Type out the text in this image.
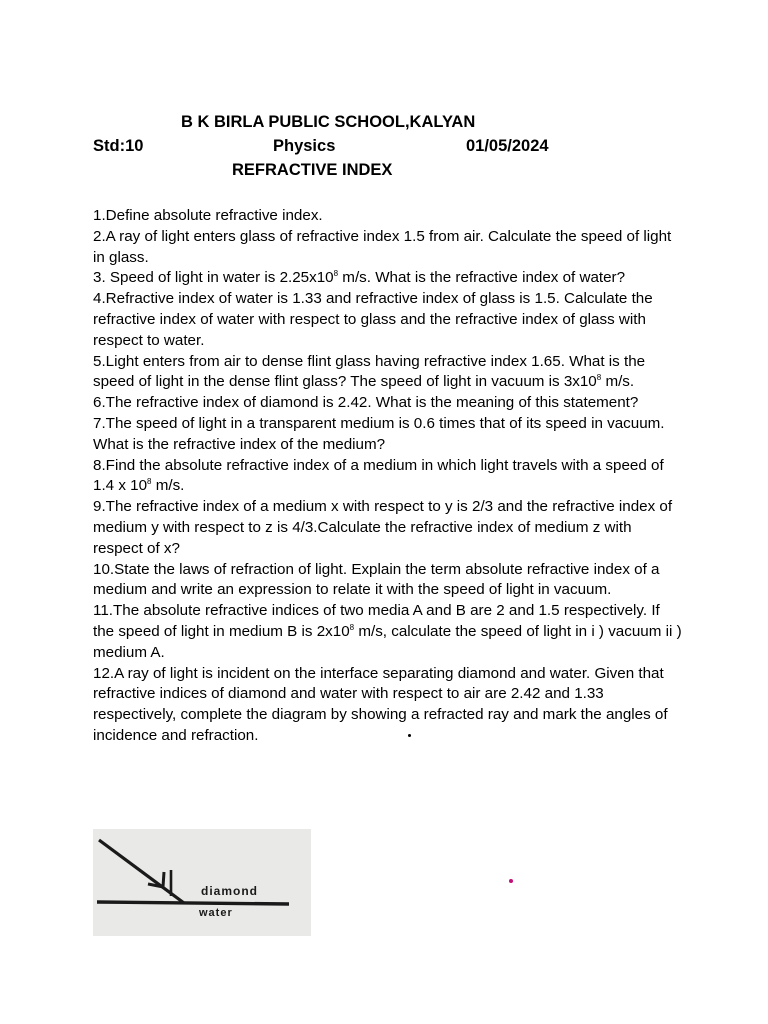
B K BIRLA PUBLIC SCHOOL,KALYAN
Std:10	Physics	01/05/2024
REFRACTIVE INDEX

1.Define absolute refractive index.

2.A ray of light enters glass of refractive index 1.5 from air. Calculate the speed of light in glass.

3. Speed of light in water is $2.25x10^8$ m/s. What is the refractive index of water?

4.Refractive index of water is 1.33 and refractive index of glass is 1.5. Calculate the refractive index of water with respect to glass and the refractive index of glass with respect to water.

5.Light enters from air to dense flint glass having refractive index 1.65. What is the speed of light in the dense flint glass? The speed of light in vacuum is $3x10^8$ m/s.

6.The refractive index of diamond is 2.42. What is the meaning of this statement?

7.The speed of light in a transparent medium is 0.6 times that of its speed in vacuum. What is the refractive index of the medium?

8.Find the absolute refractive index of a medium in which light travels with a speed of 1.4 x $10^8$ m/s.

9.The refractive index of a medium x with respect to y is 2/3 and the refractive index of medium y with respect to z is 4/3.Calculate the refractive index of medium z with respect of x?

10.State the laws of refraction of light. Explain the term absolute refractive index of a medium and write an expression to relate it with the speed of light in vacuum.

11.The absolute refractive indices of two media A and B are 2 and 1.5 respectively. If the speed of light in medium B is $2x10^8$ m/s, calculate the speed of light in i ) vacuum ii ) medium A.

12.A ray of light is incident on the interface separating diamond and water. Given that refractive indices of diamond and water with respect to air are 2.42 and 1.33 respectively, complete the diagram by showing a refracted ray and mark the angles of incidence and refraction.

diamond
water
